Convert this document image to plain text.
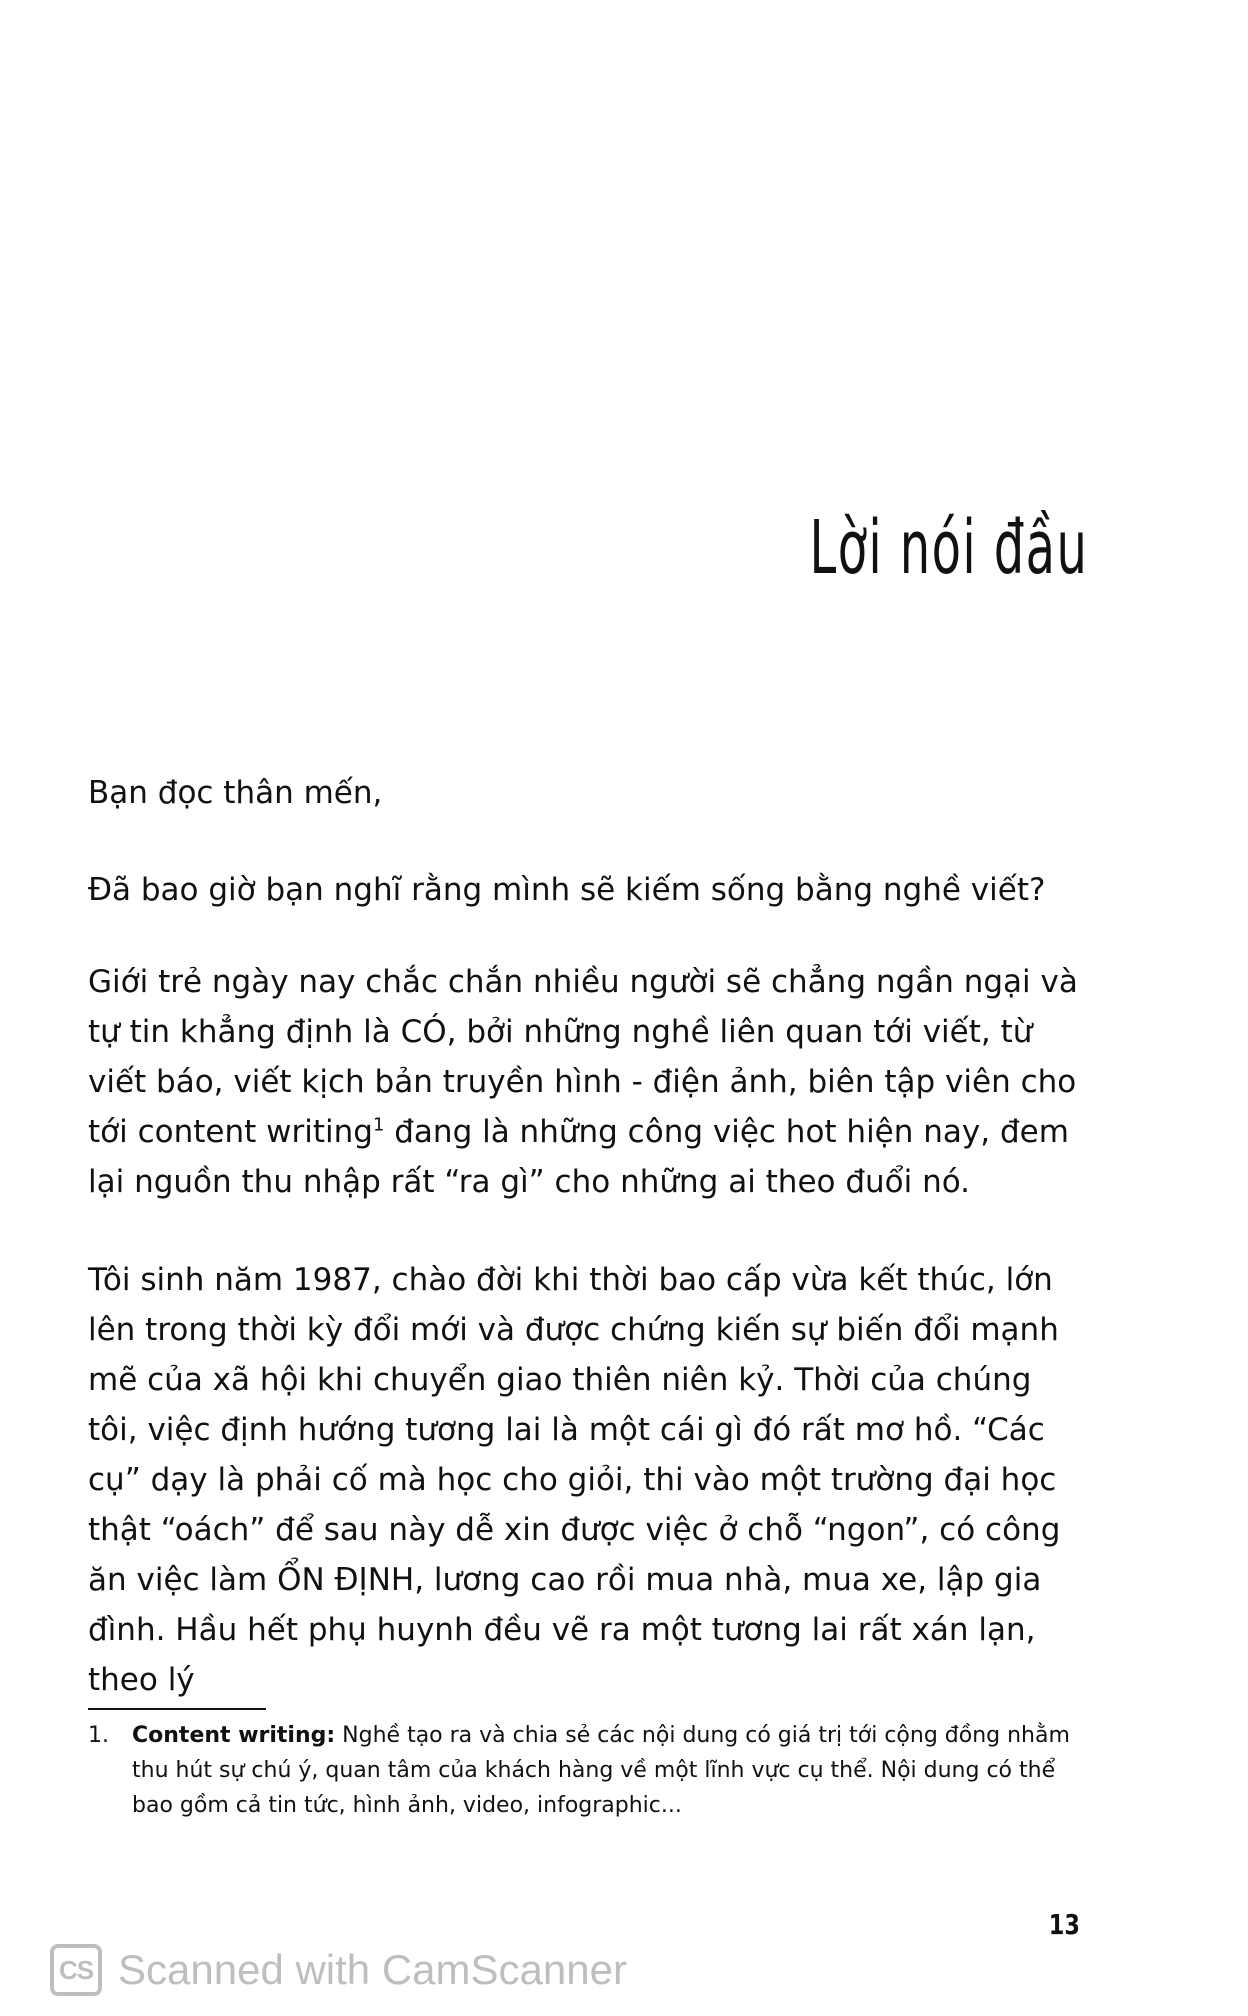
Lời nói đầu

Bạn đọc thân mến,

Đã bao giờ bạn nghĩ rằng mình sẽ kiếm sống bằng nghề viết?

Giới trẻ ngày nay chắc chắn nhiều người sẽ chẳng ngần ngại và tự tin khẳng định là CÓ, bởi những nghề liên quan tới viết, từ viết báo, viết kịch bản truyền hình - điện ảnh, biên tập viên cho tới content writing$^1$ đang là những công việc hot hiện nay, đem lại nguồn thu nhập rất “ra gì” cho những ai theo đuổi nó.

Tôi sinh năm 1987, chào đời khi thời bao cấp vừa kết thúc, lớn lên trong thời kỳ đổi mới và được chứng kiến sự biến đổi mạnh mẽ của xã hội khi chuyển giao thiên niên kỷ. Thời của chúng tôi, việc định hướng tương lai là một cái gì đó rất mơ hồ. “Các cụ” dạy là phải cố mà học cho giỏi, thi vào một trường đại học thật “oách” để sau này dễ xin được việc ở chỗ “ngon”, có công ăn việc làm ỔN ĐỊNH, lương cao rồi mua nhà, mua xe, lập gia đình. Hầu hết phụ huynh đều vẽ ra một tương lai rất xán lạn, theo lý

1. Content writing: Nghề tạo ra và chia sẻ các nội dung có giá trị tới cộng đồng nhằm thu hút sự chú ý, quan tâm của khách hàng về một lĩnh vực cụ thể. Nội dung có thể bao gồm cả tin tức, hình ảnh, video, infographic...
13
CS Scanned with CamScanner
